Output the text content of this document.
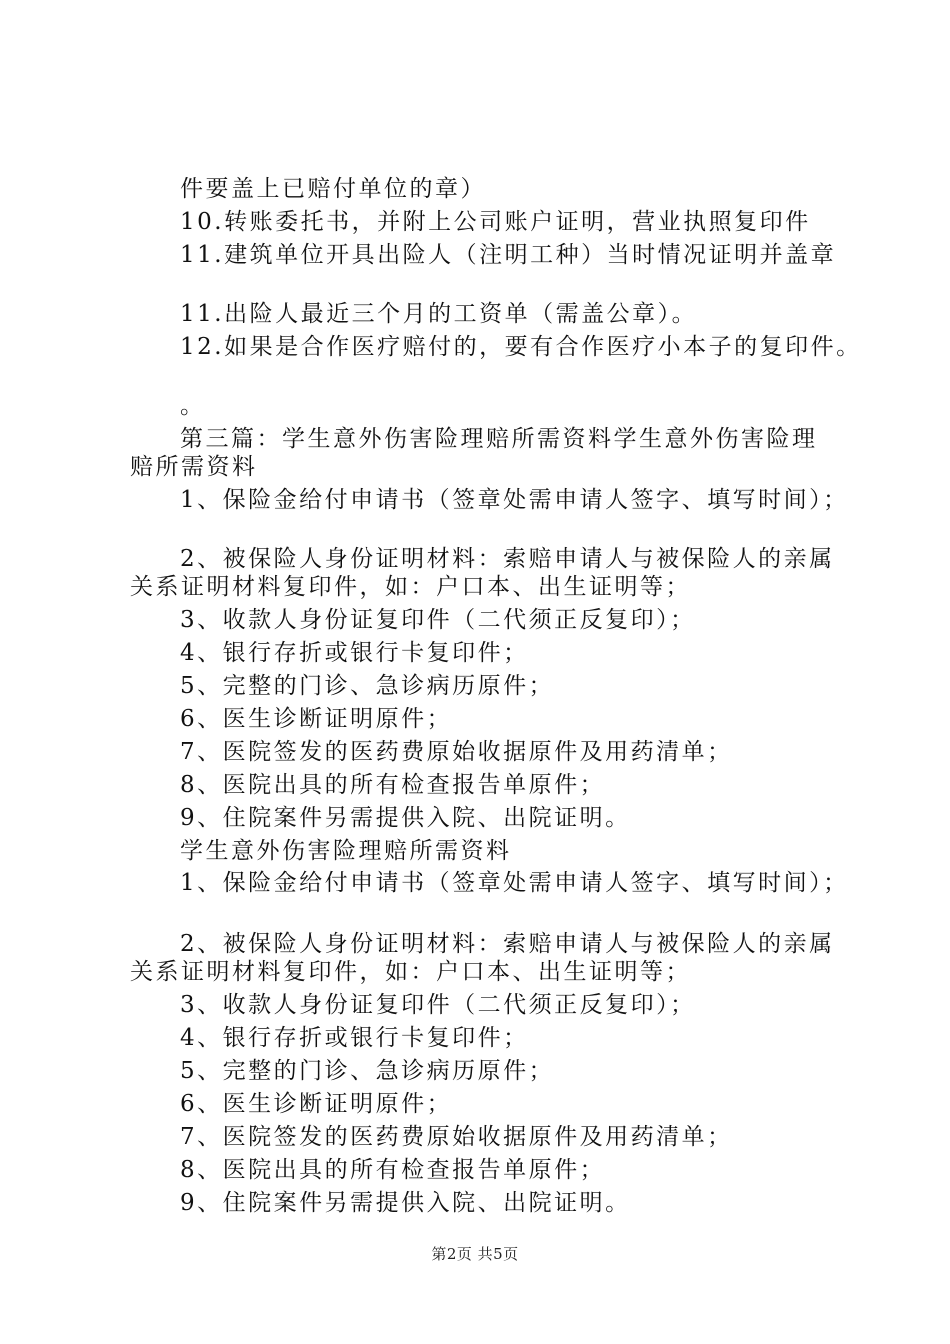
件要盖上已赔付单位的章）
10.转账委托书，并附上公司账户证明，营业执照复印件
11.建筑单位开具出险人（注明工种）当时情况证明并盖章
11.出险人最近三个月的工资单（需盖公章）。
12.如果是合作医疗赔付的，要有合作医疗小本子的复印件。
。
第三篇：学生意外伤害险理赔所需资料学生意外伤害险理
赔所需资料
1、保险金给付申请书（签章处需申请人签字、填写时间）；
2、被保险人身份证明材料：索赔申请人与被保险人的亲属
关系证明材料复印件，如：户口本、出生证明等；
3、收款人身份证复印件（二代须正反复印）；
4、银行存折或银行卡复印件；
5、完整的门诊、急诊病历原件；
6、医生诊断证明原件；
7、医院签发的医药费原始收据原件及用药清单；
8、医院出具的所有检查报告单原件；
9、住院案件另需提供入院、出院证明。
学生意外伤害险理赔所需资料
1、保险金给付申请书（签章处需申请人签字、填写时间）；
2、被保险人身份证明材料：索赔申请人与被保险人的亲属
关系证明材料复印件，如：户口本、出生证明等；
3、收款人身份证复印件（二代须正反复印）；
4、银行存折或银行卡复印件；
5、完整的门诊、急诊病历原件；
6、医生诊断证明原件；
7、医院签发的医药费原始收据原件及用药清单；
8、医院出具的所有检查报告单原件；
9、住院案件另需提供入院、出院证明。
第2页 共5页
